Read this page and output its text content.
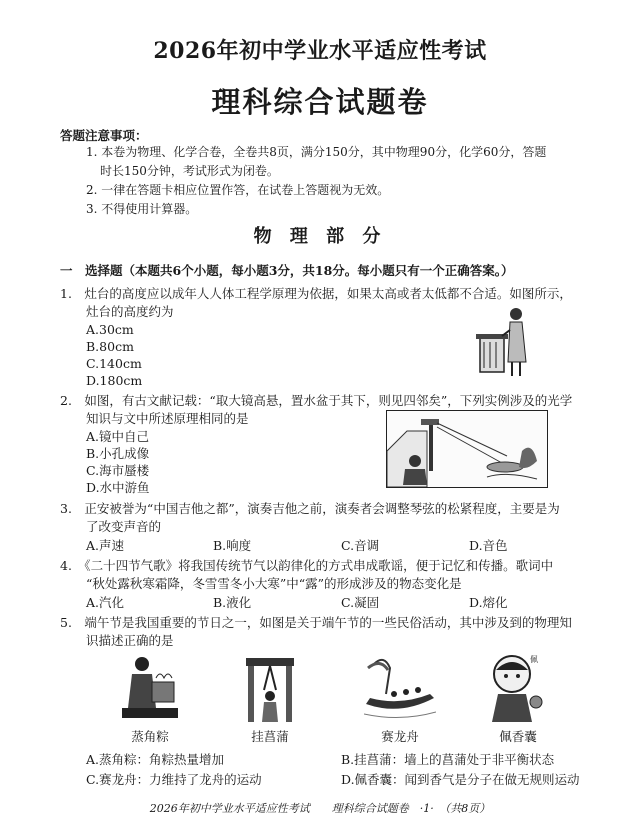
2026年初中学业水平适应性考试
理科综合试题卷
答题注意事项：
1. 本卷为物理、化学合卷，全卷共8页，满分150分，其中物理90分，化学60分，答题
时长150分钟，考试形式为闭卷。
2. 一律在答题卡相应位置作答，在试卷上答题视为无效。
3. 不得使用计算器。
物 理 部 分
一　选择题（本题共6个小题，每小题3分，共18分。每小题只有一个正确答案。）
1.　灶台的高度应以成年人人体工程学原理为依据，如果太高或者太低都不合适。如图所示，
灶台的高度约为
A.30cm
B.80cm
C.140cm
D.180cm
2.　如图，有古文献记载：“取大镜高悬，置水盆于其下，则见四邻矣”，下列实例涉及的光学
知识与文中所述原理相同的是
A.镜中自己
B.小孔成像
C.海市蜃楼
D.水中游鱼
3.　正安被誉为“中国吉他之都”，演奏吉他之前，演奏者会调整琴弦的松紧程度，主要是为
了改变声音的
A.声速	B.响度	C.音调	D.音色
4.　《二十四节气歌》将我国传统节气以韵律化的方式串成歌谣，便于记忆和传播。歌词中
“秋处露秋寒霜降，冬雪雪冬小大寒”中“露”的形成涉及的物态变化是
A.汽化	B.液化	C.凝固	D.熔化
5.　端午节是我国重要的节日之一，如图是关于端午节的一些民俗活动，其中涉及到的物理知
识描述正确的是
佩
蒸角粽	挂菖蒲	赛龙舟	佩香囊
A.蒸角粽：角粽热量增加	B.挂菖蒲：墙上的菖蒲处于非平衡状态
C.赛龙舟：力维持了龙舟的运动	D.佩香囊：闻到香气是分子在做无规则运动
2026年初中学业水平适应性考试　　理科综合试题卷　·1·　（共8页）
